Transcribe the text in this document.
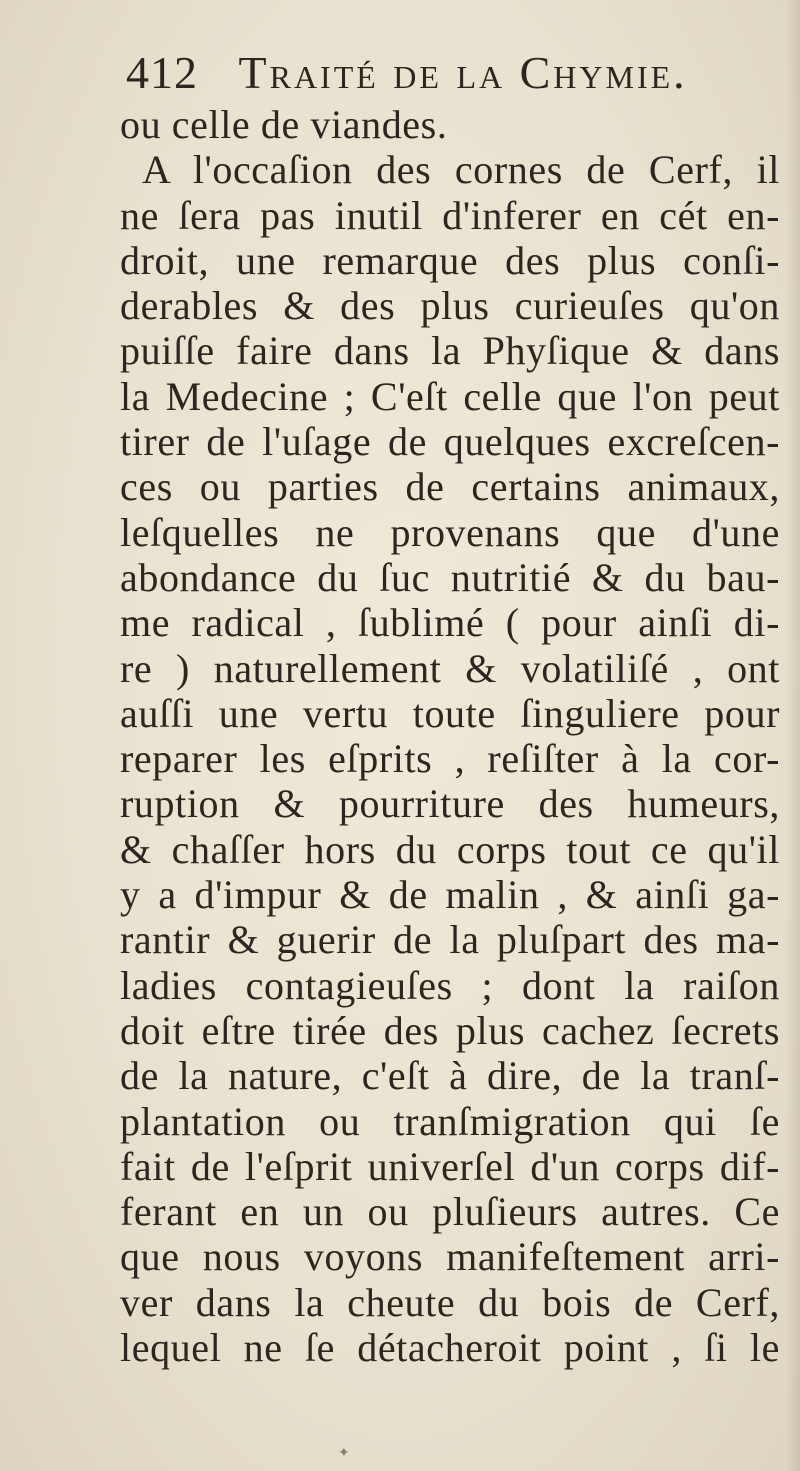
412 Traité de la Chymie.
ou celle de viandes.
A l'occaſion des cornes de Cerf, il
ne ſera pas inutil d'inferer en cét en-
droit, une remarque des plus conſi-
derables & des plus curieuſes qu'on
puiſſe faire dans la Phyſique & dans
la Medecine ; C'eſt celle que l'on peut
tirer de l'uſage de quelques excreſcen-
ces ou parties de certains animaux,
leſquelles ne provenans que d'une
abondance du ſuc nutritié & du bau-
me radical , ſublimé ( pour ainſi di-
re ) naturellement & volatiliſé , ont
auſſi une vertu toute ſinguliere pour
reparer les eſprits , reſiſter à la cor-
ruption & pourriture des humeurs,
& chaſſer hors du corps tout ce qu'il
y a d'impur & de malin , & ainſi ga-
rantir & guerir de la pluſpart des ma-
ladies contagieuſes ; dont la raiſon
doit eſtre tirée des plus cachez ſecrets
de la nature, c'eſt à dire, de la tranſ-
plantation ou tranſmigration qui ſe
fait de l'eſprit univerſel d'un corps dif-
ferant en un ou pluſieurs autres. Ce
que nous voyons manifeſtement arri-
ver dans la cheute du bois de Cerf,
lequel ne ſe détacheroit point , ſi le
✦
